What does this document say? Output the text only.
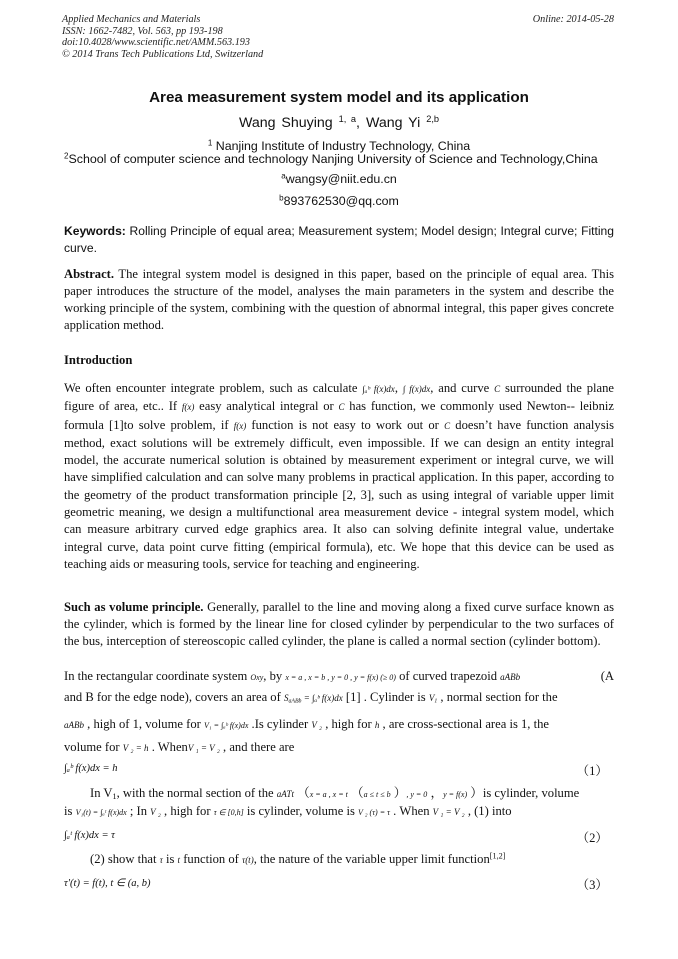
Applied Mechanics and Materials
ISSN: 1662-7482, Vol. 563, pp 193-198
doi:10.4028/www.scientific.net/AMM.563.193
© 2014 Trans Tech Publications Ltd, Switzerland
Online: 2014-05-28
Area measurement system model and its application
Wang Shuying $^{1, a}$, Wang Yi $^{2,b}$
$^1$ Nanjing Institute of Industry Technology, China
$^2$School of computer science and technology Nanjing University of Science and Technology,China
$^a$wangsy@niit.edu.cn
$^b$893762530@qq.com
Keywords: Rolling Principle of equal area; Measurement system; Model design; Integral curve; Fitting curve.
Abstract. The integral system model is designed in this paper, based on the principle of equal area. This paper introduces the structure of the model, analyses the main parameters in the system and describe the working principle of the system, combining with the question of abnormal integral, this paper gives concrete application method.
Introduction
We often encounter integrate problem, such as calculate ∫ₐᵇ f(x)dx, ∫ f(x)dx, and curve C surrounded the plane figure of area, etc.. If f(x) easy analytical integral or C has function, we commonly used Newton-- leibniz formula [1]to solve problem, if f(x) function is not easy to work out or C doesn’t have function analysis method, exact solutions will be extremely difficult, even impossible. If we can design an entity integral model, the accurate numerical solution is obtained by measurement experiment or integral curve, we will have simplified calculation and can solve many problems in practical application. In this paper, according to the geometry of the product transformation principle [2, 3], such as using integral of variable upper limit geometric meaning, we design a multifunctional area measurement device - integral system model, which can measure arbitrary curved edge graphics area. It also can solving definite integral value, undertake integral curve, data point curve fitting (empirical formula), etc. We hope that this device can be used as teaching aids or measuring tools, service for teaching and engineering.
Such as volume principle. Generally, parallel to the line and moving along a fixed curve surface known as the cylinder, which is formed by the linear line for closed cylinder by perpendicular to the two surfaces of the bus, interception of stereoscopic called cylinder, the plane is called a normal section (cylinder bottom).
In the rectangular coordinate system Oxy, by x = a , x = b , y = 0 , y = f(x) (≥ 0) of curved trapezoid aABb	(A
and B for the edge node), covers an area of $S_{aABb}$ = ∫ₐᵇ f(x)dx [1] . Cylinder is $V_1$ , normal section for the
aABb , high of 1, volume for V₁ = ∫ₐᵇ f(x)dx .Is cylinder V ₂ , high for h , are cross-sectional area is 1, the
volume for V ₂ = h . WhenV ₁ = V ₂ , and there are
∫ₐᵇ f(x)dx = h	（1）
In $V_1$, with the normal section of the aATt （x = a , x = t （a ≤ t ≤ b ）, y = 0 ，y = f(x) ）is cylinder, volume
is V₁(t) = ∫ₐᵗ f(x)dx ; In V ₂ , high for τ ∈ [0,h] is cylinder, volume is V ₂ (τ) = τ . When V ₁ = V ₂ , (1) into
∫ₐᵗ f(x)dx = τ	（2）
(2) show that τ is t function of τ(t), the nature of the variable upper limit function[1,2]
τ′(t) = f(t), t ∈ (a, b)	（3）
